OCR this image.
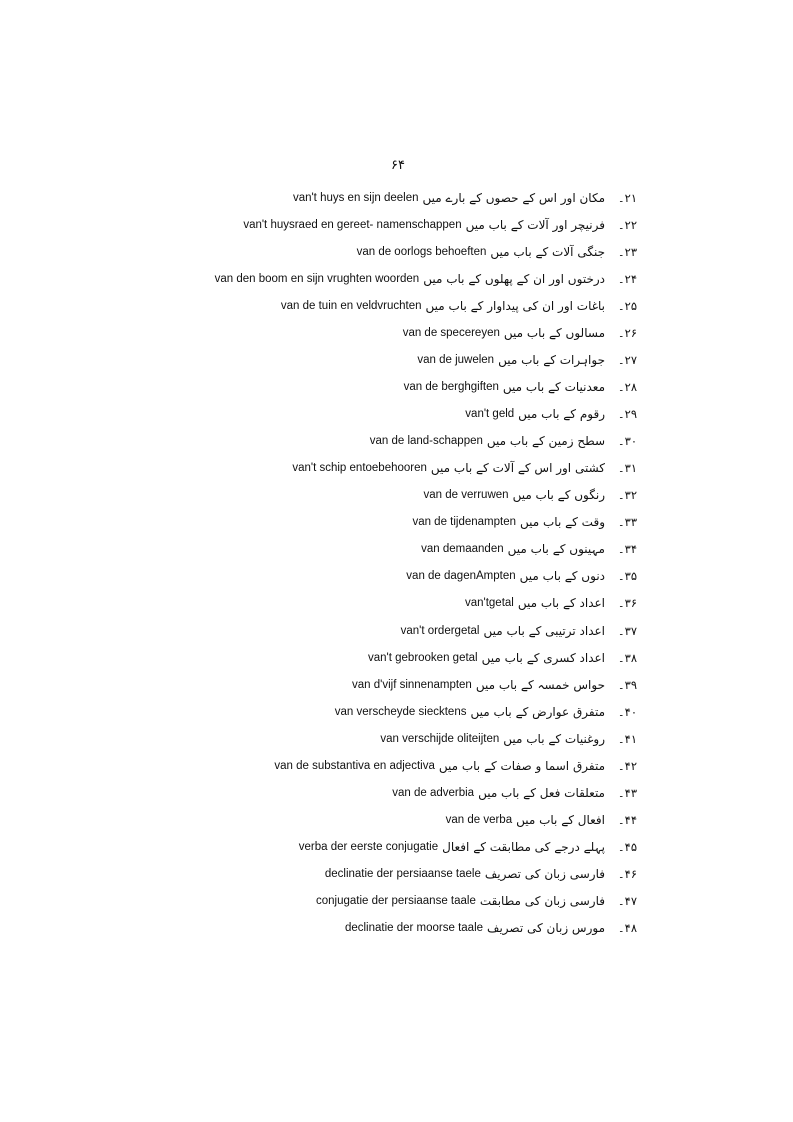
۶۴
۲۱۔
مکان اور اس کے حصوں کے بارے میں
van't huys en sijn deelen
۲۲۔
فرنیچر اور آلات کے باب میں
van't huysraed en gereet- namenschappen
۲۳۔
جنگی آلات کے باب میں
van de oorlogs behoeften
۲۴۔
درختوں اور ان کے پھلوں کے باب میں
van den boom en sijn vrughten woorden
۲۵۔
باغات اور ان کی پیداوار کے باب میں
van de tuin en veldvruchten
۲۶۔
مسالوں کے باب میں
van de specereyen
۲۷۔
جواہرات کے باب میں
van de juwelen
۲۸۔
معدنیات کے باب میں
van de berghgiften
۲۹۔
رقوم کے باب میں
van't geld
۳۰۔
سطح زمین کے باب میں
van de land-schappen
۳۱۔
کشتی اور اس کے آلات کے باب میں
van't schip entoebehooren
۳۲۔
رنگوں کے باب میں
van de verruwen
۳۳۔
وقت کے باب میں
van de tijdenampten
۳۴۔
مہینوں کے باب میں
van demaanden
۳۵۔
دنوں کے باب میں
van de dagenAmpten
۳۶۔
اعداد کے باب میں
van'tgetal
۳۷۔
اعداد ترتیبی کے باب میں
van't ordergetal
۳۸۔
اعداد کسری کے باب میں
van't gebrooken getal
۳۹۔
حواس خمسہ کے باب میں
van d'vijf sinnenampten
۴۰۔
متفرق عوارض کے باب میں
van verscheyde siecktens
۴۱۔
روغنیات کے باب میں
van verschijde oliteijten
۴۲۔
متفرق اسما و صفات کے باب میں
van de substantiva en adjectiva
۴۳۔
متعلقات فعل کے باب میں
van de adverbia
۴۴۔
افعال کے باب میں
van de verba
۴۵۔
پہلے درجے کی مطابقت کے افعال
verba der eerste conjugatie
۴۶۔
فارسی زبان کی تصریف
declinatie der persiaanse taele
۴۷۔
فارسی زبان کی مطابقت
conjugatie der persiaanse taale
۴۸۔
مورس زبان کی تصریف
declinatie der moorse taale
